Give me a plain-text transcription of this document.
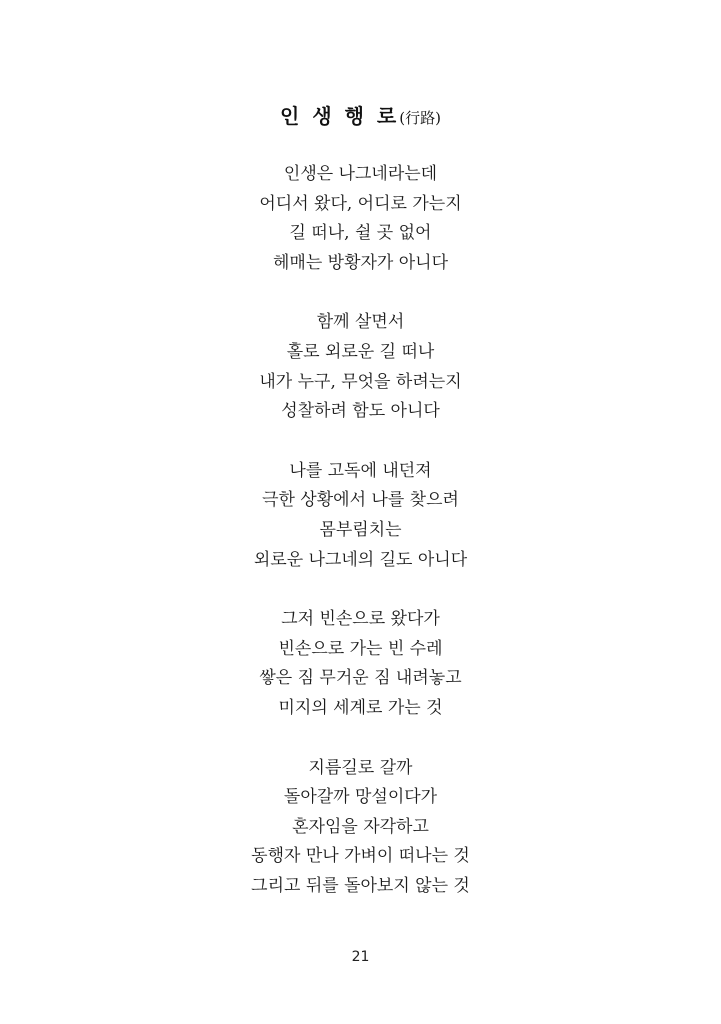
인 생 행 로(行路)
인생은 나그네라는데
어디서 왔다, 어디로 가는지
길 떠나, 쉴 곳 없어
헤매는 방황자가 아니다
함께 살면서
홀로 외로운 길 떠나
내가 누구, 무엇을 하려는지
성찰하려 함도 아니다
나를 고독에 내던져
극한 상황에서 나를 찾으려
몸부림치는
외로운 나그네의 길도 아니다
그저 빈손으로 왔다가
빈손으로 가는 빈 수레
쌓은 짐 무거운 짐 내려놓고
미지의 세계로 가는 것
지름길로 갈까
돌아갈까 망설이다가
혼자임을 자각하고
동행자 만나 가벼이 떠나는 것
그리고 뒤를 돌아보지 않는 것
21
